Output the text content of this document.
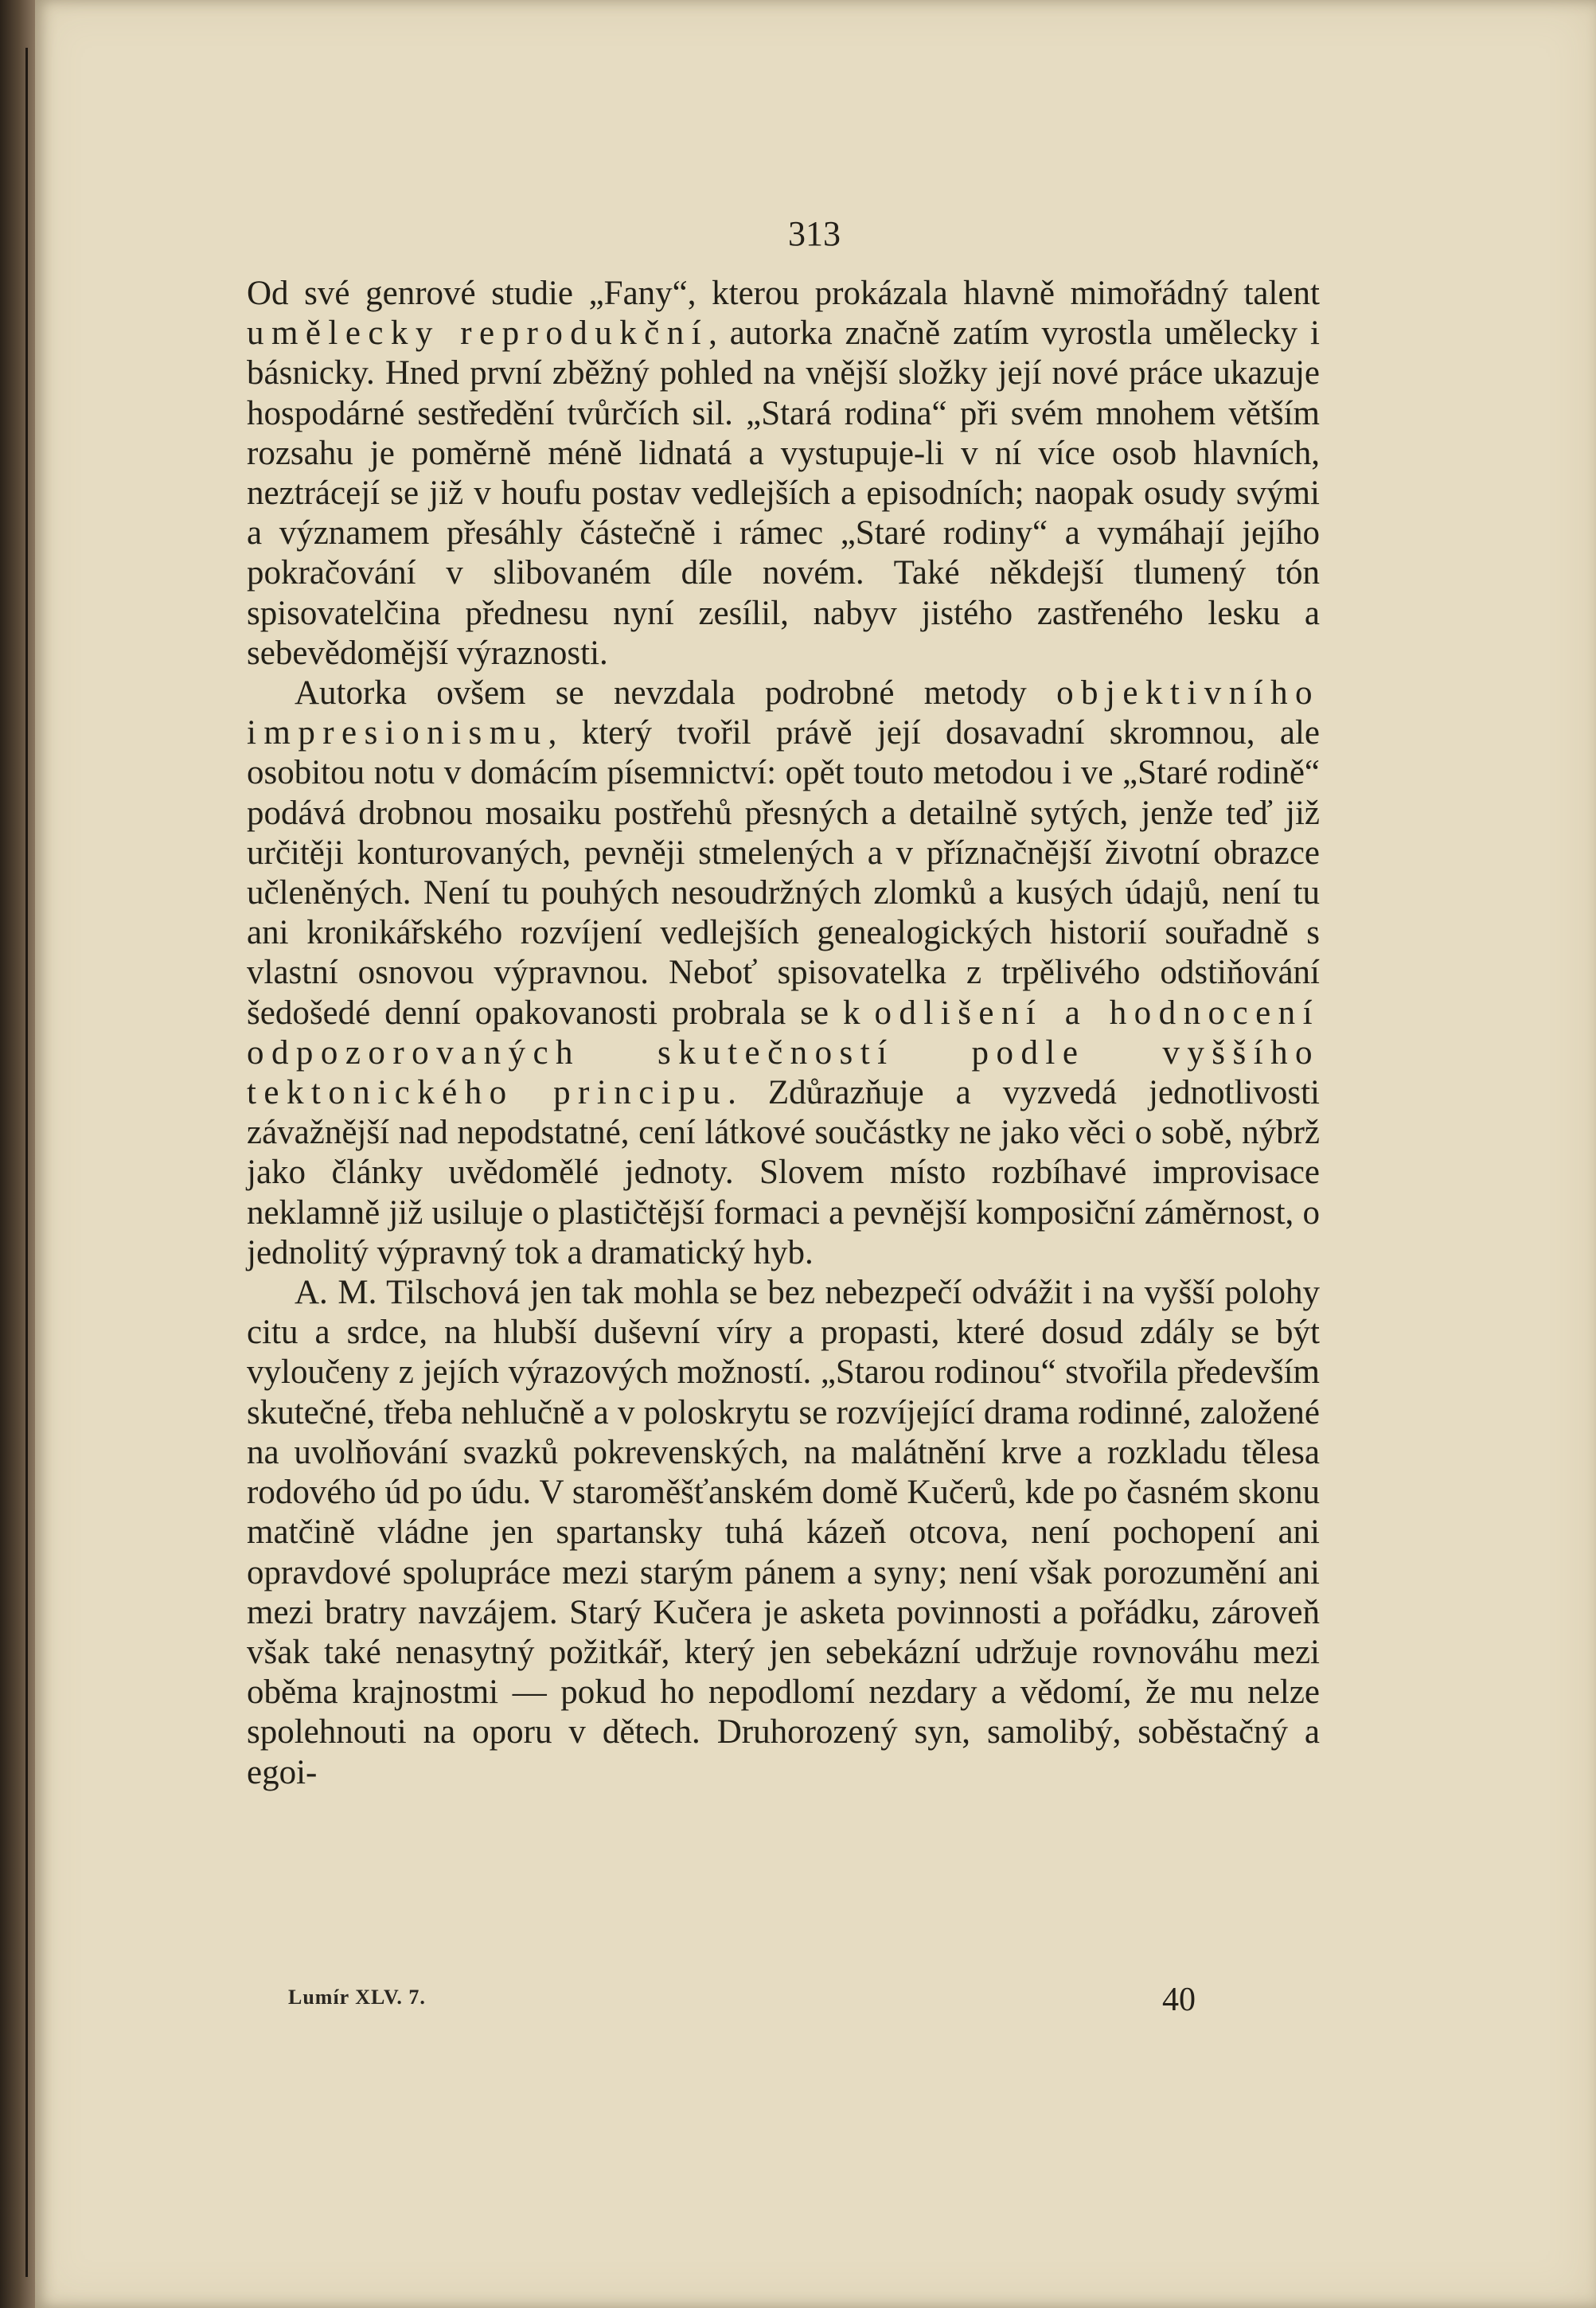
313

Od své genrové studie „Fany“, kterou prokázala hlavně mimořádný talent umělecky reprodukční, autorka značně zatím vyrostla umělecky i básnicky. Hned první zběžný pohled na vnější složky její nové práce ukazuje hospodárné sestředění tvůrčích sil. „Stará rodina“ při svém mnohem větším rozsahu je poměrně méně lidnatá a vystupuje-li v ní více osob hlavních, neztrácejí se již v houfu postav vedlejších a episodních; naopak osudy svými a významem přesáhly částečně i rámec „Staré rodiny“ a vymáhají jejího pokračování v slibovaném díle novém. Také někdejší tlumený tón spisovatelčina přednesu nyní zesílil, nabyv jistého zastřeného lesku a sebevědomější výraznosti.

Autorka ovšem se nevzdala podrobné metody objektivního impresionismu, který tvořil právě její dosavadní skromnou, ale osobitou notu v domácím písemnictví: opět touto metodou i ve „Staré rodině“ podává drobnou mosaiku postřehů přesných a detailně sytých, jenže teď již určitěji konturovaných, pevněji stmelených a v příznačnější životní obrazce učleněných. Není tu pouhých nesoudržných zlomků a kusých údajů, není tu ani kronikářského rozvíjení vedlejších genealogických historií souřadně s vlastní osnovou výpravnou. Neboť spisovatelka z trpělivého odstiňování šedošedé denní opakovanosti probrala se k odlišení a hodnocení odpozorovaných skutečností podle vyššího tektonického principu. Zdůrazňuje a vyzvedá jednotlivosti závažnější nad nepodstatné, cení látkové součástky ne jako věci o sobě, nýbrž jako články uvědomělé jednoty. Slovem místo rozbíhavé improvisace neklamně již usiluje o plastičtější formaci a pevnější komposiční záměrnost, o jednolitý výpravný tok a dramatický hyb.

A. M. Tilschová jen tak mohla se bez nebezpečí odvážit i na vyšší polohy citu a srdce, na hlubší duševní víry a propasti, které dosud zdály se být vyloučeny z jejích výrazových možností. „Starou rodinou“ stvořila především skutečné, třeba nehlučně a v poloskrytu se rozvíjející drama rodinné, založené na uvolňování svazků pokrevenských, na malátnění krve a rozkladu tělesa rodového úd po údu. V staroměšťanském domě Kučerů, kde po časném skonu matčině vládne jen spartansky tuhá kázeň otcova, není pochopení ani opravdové spolupráce mezi starým pánem a syny; není však porozumění ani mezi bratry navzájem. Starý Kučera je asketa povinnosti a pořádku, zároveň však také nenasytný požitkář, který jen sebekázní udržuje rovnováhu mezi oběma krajnostmi — pokud ho nepodlomí nezdary a vědomí, že mu nelze spolehnouti na oporu v dětech. Druhorozený syn, samolibý, soběstačný a egoi-

Lumír XLV. 7.	40
